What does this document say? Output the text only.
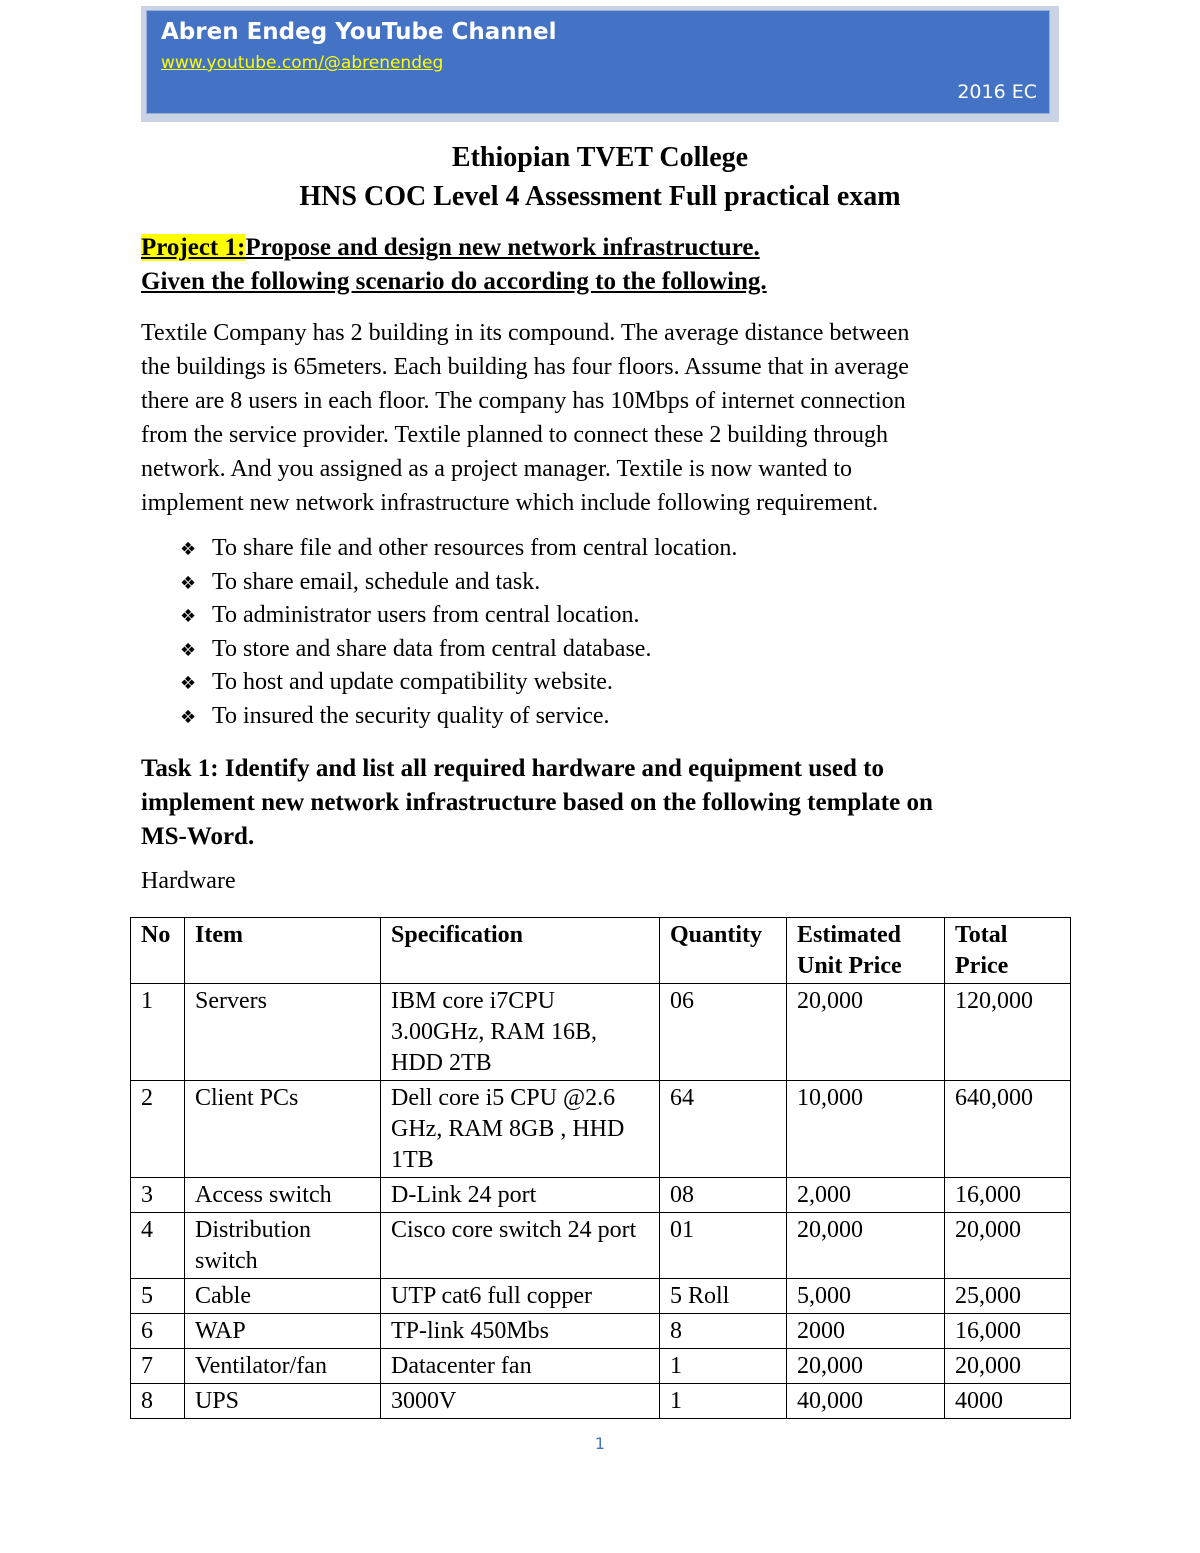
Abren Endeg YouTube Channel
www.youtube.com/@abrenendeg
2016 EC
Ethiopian TVET College
HNS COC Level 4 Assessment Full practical exam
Project 1:Propose and design new network infrastructure.
Given the following scenario do according to the following.
Textile Company has 2 building in its compound. The average distance between
the buildings is 65meters. Each building has four floors. Assume that in average
there are 8 users in each floor. The company has 10Mbps of internet connection
from the service provider. Textile planned to connect these 2 building through
network. And you assigned as a project manager. Textile is now wanted to
implement new network infrastructure which include following requirement.
❖ To share file and other resources from central location.
❖ To share email, schedule and task.
❖ To administrator users from central location.
❖ To store and share data from central database.
❖ To host and update compatibility website.
❖ To insured the security quality of service.
Task 1: Identify and list all required hardware and equipment used to
implement new network infrastructure based on the following template on
MS-Word.
Hardware
No	Item	Specification	Quantity	Estimated Unit Price	Total Price
1	Servers	IBM core i7CPU 3.00GHz, RAM 16B, HDD 2TB	06	20,000	120,000
2	Client PCs	Dell core i5 CPU @2.6 GHz, RAM 8GB , HHD 1TB	64	10,000	640,000
3	Access switch	D-Link 24 port	08	2,000	16,000
4	Distribution switch	Cisco core switch 24 port	01	20,000	20,000
5	Cable	UTP cat6 full copper	5 Roll	5,000	25,000
6	WAP	TP-link 450Mbs	8	2000	16,000
7	Ventilator/fan	Datacenter fan	1	20,000	20,000
8	UPS	3000V	1	40,000	4000
1
